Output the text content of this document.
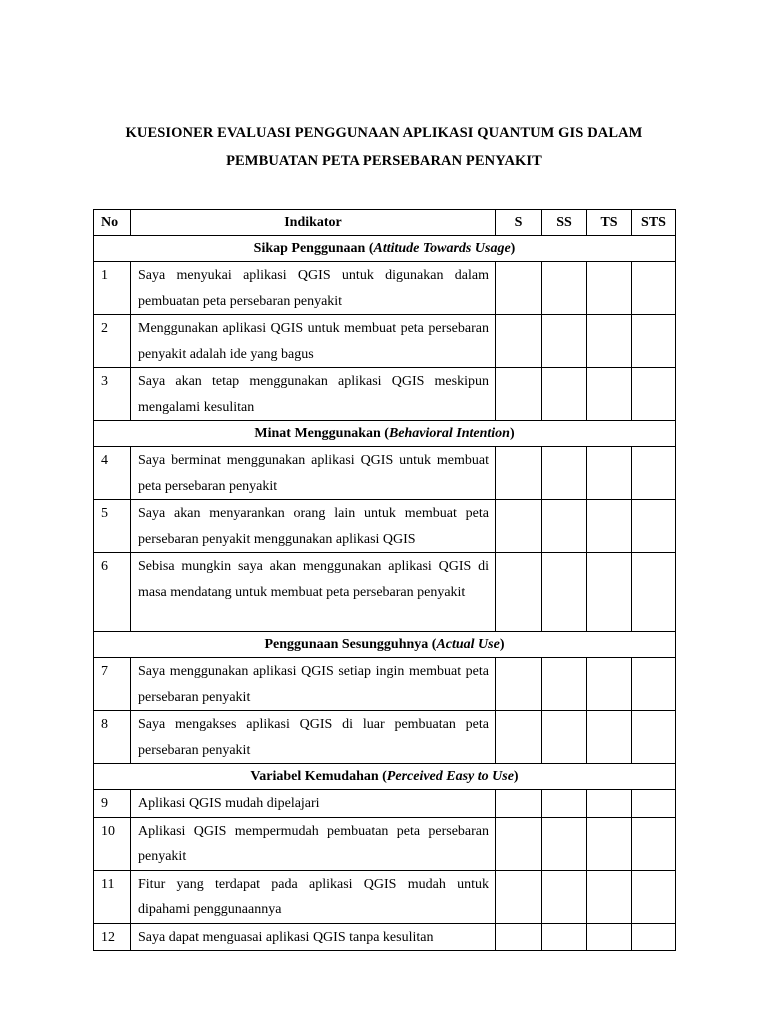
KUESIONER EVALUASI PENGGUNAAN APLIKASI QUANTUM GIS DALAM
PEMBUATAN PETA PERSEBARAN PENYAKIT
No	Indikator	S	SS	TS	STS
Sikap Penggunaan (Attitude Towards Usage)					
1	Saya menyukai aplikasi QGIS untuk digunakan dalam pembuatan peta persebaran penyakit				
2	Menggunakan aplikasi QGIS untuk membuat peta persebaran penyakit adalah ide yang bagus				
3	Saya akan tetap menggunakan aplikasi QGIS meskipun mengalami kesulitan				
Minat Menggunakan (Behavioral Intention)					
4	Saya berminat menggunakan aplikasi QGIS untuk membuat peta persebaran penyakit				
5	Saya akan menyarankan orang lain untuk membuat peta persebaran penyakit menggunakan aplikasi QGIS				
6	Sebisa mungkin saya akan menggunakan aplikasi QGIS di masa mendatang untuk membuat peta persebaran penyakit				
Penggunaan Sesungguhnya (Actual Use)					
7	Saya menggunakan aplikasi QGIS setiap ingin membuat peta persebaran penyakit				
8	Saya mengakses aplikasi QGIS di luar pembuatan peta persebaran penyakit				
Variabel Kemudahan (Perceived Easy to Use)					
9	Aplikasi QGIS mudah dipelajari				
10	Aplikasi QGIS mempermudah pembuatan peta persebaran penyakit				
11	Fitur yang terdapat pada aplikasi QGIS mudah untuk dipahami penggunaannya				
12	Saya dapat menguasai aplikasi QGIS tanpa kesulitan				
